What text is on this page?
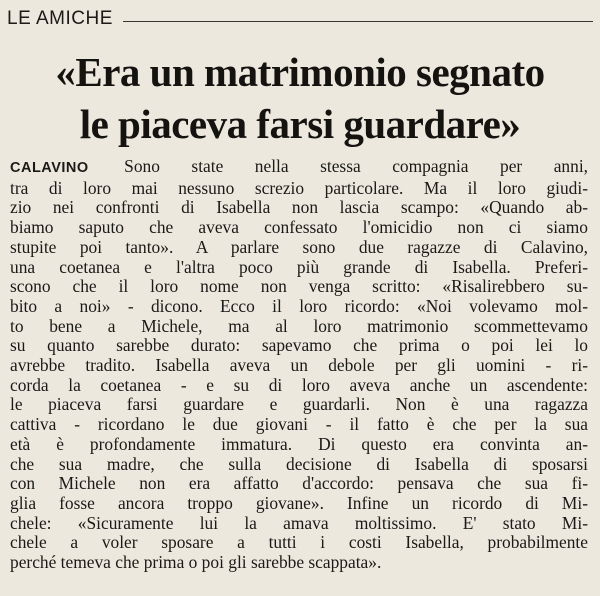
LE AMICHE
«Era un matrimonio segnato
le piaceva farsi guardare»
CALAVINO Sono state nella stessa compagnia per anni,
tra di loro mai nessuno screzio particolare. Ma il loro giudi-
zio nei confronti di Isabella non lascia scampo: «Quando ab-
biamo saputo che aveva confessato l'omicidio non ci siamo
stupite poi tanto». A parlare sono due ragazze di Calavino,
una coetanea e l'altra poco più grande di Isabella. Preferi-
scono che il loro nome non venga scritto: «Risalirebbero su-
bito a noi» - dicono. Ecco il loro ricordo: «Noi volevamo mol-
to bene a Michele, ma al loro matrimonio scommettevamo
su quanto sarebbe durato: sapevamo che prima o poi lei lo
avrebbe tradito. Isabella aveva un debole per gli uomini - ri-
corda la coetanea - e su di loro aveva anche un ascendente:
le piaceva farsi guardare e guardarli. Non è una ragazza
cattiva - ricordano le due giovani - il fatto è che per la sua
età è profondamente immatura. Di questo era convinta an-
che sua madre, che sulla decisione di Isabella di sposarsi
con Michele non era affatto d'accordo: pensava che sua fi-
glia fosse ancora troppo giovane». Infine un ricordo di Mi-
chele: «Sicuramente lui la amava moltissimo. E' stato Mi-
chele a voler sposare a tutti i costi Isabella, probabilmente
perché temeva che prima o poi gli sarebbe scappata».
